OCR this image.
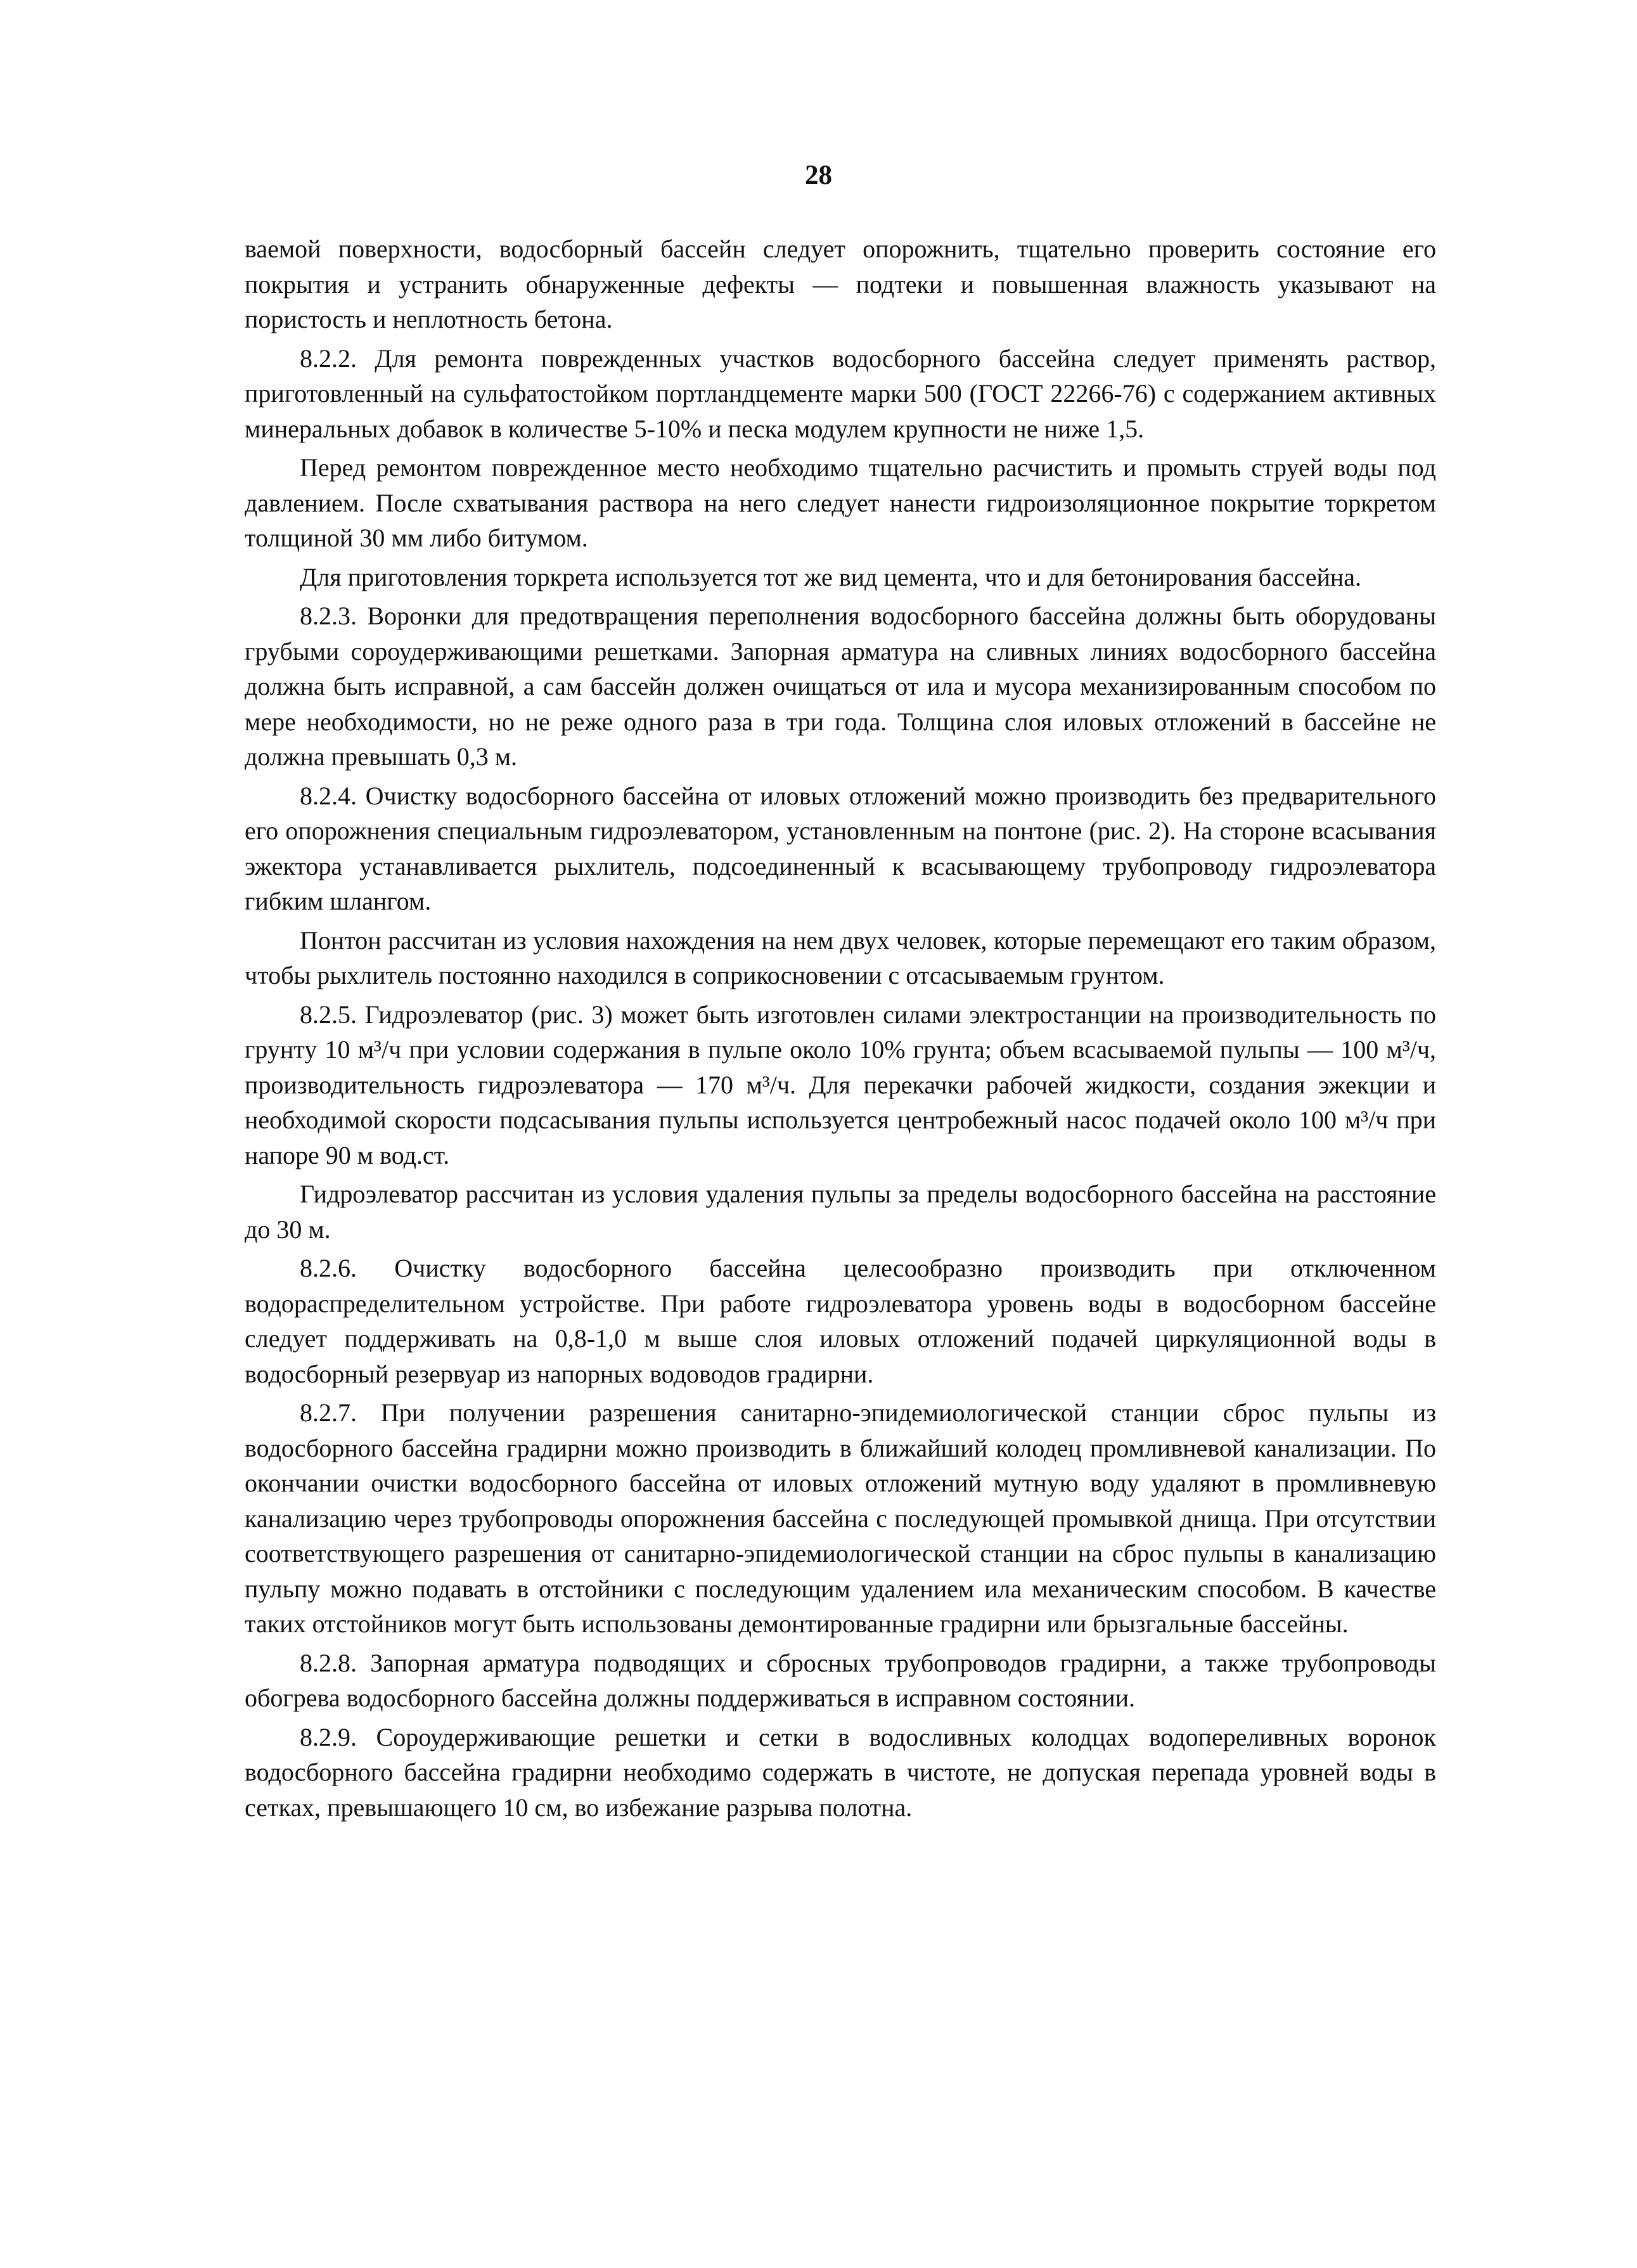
28

ваемой поверхности, водосборный бассейн следует опорожнить, тщательно проверить состояние его покрытия и устранить обнаруженные дефекты — подтеки и повышенная влажность указывают на пористость и неплотность бетона.

8.2.2. Для ремонта поврежденных участков водосборного бассейна следует применять раствор, приготовленный на сульфатостойком портландцементе марки 500 (ГОСТ 22266-76) с содержанием активных минеральных добавок в количестве 5-10% и песка модулем крупности не ниже 1,5.

Перед ремонтом поврежденное место необходимо тщательно расчистить и промыть струей воды под давлением. После схватывания раствора на него следует нанести гидроизоляционное покрытие торкретом толщиной 30 мм либо битумом.

Для приготовления торкрета используется тот же вид цемента, что и для бетонирования бассейна.

8.2.3. Воронки для предотвращения переполнения водосборного бассейна должны быть оборудованы грубыми сороудерживающими решетками. Запорная арматура на сливных линиях водосборного бассейна должна быть исправной, а сам бассейн должен очищаться от ила и мусора механизированным способом по мере необходимости, но не реже одного раза в три года. Толщина слоя иловых отложений в бассейне не должна превышать 0,3 м.

8.2.4. Очистку водосборного бассейна от иловых отложений можно производить без предварительного его опорожнения специальным гидроэлеватором, установленным на понтоне (рис. 2). На стороне всасывания эжектора устанавливается рыхлитель, подсоединенный к всасывающему трубопроводу гидроэлеватора гибким шлангом.

Понтон рассчитан из условия нахождения на нем двух человек, которые перемещают его таким образом, чтобы рыхлитель постоянно находился в соприкосновении с отсасываемым грунтом.

8.2.5. Гидроэлеватор (рис. 3) может быть изготовлен силами электростанции на производительность по грунту 10 м³/ч при условии содержания в пульпе около 10% грунта; объем всасываемой пульпы — 100 м³/ч, производительность гидроэлеватора — 170 м³/ч. Для перекачки рабочей жидкости, создания эжекции и необходимой скорости подсасывания пульпы используется центробежный насос подачей около 100 м³/ч при напоре 90 м вод.ст.

Гидроэлеватор рассчитан из условия удаления пульпы за пределы водосборного бассейна на расстояние до 30 м.

8.2.6. Очистку водосборного бассейна целесообразно производить при отключенном водораспределительном устройстве. При работе гидроэлеватора уровень воды в водосборном бассейне следует поддерживать на 0,8-1,0 м выше слоя иловых отложений подачей циркуляционной воды в водосборный резервуар из напорных водоводов градирни.

8.2.7. При получении разрешения санитарно-эпидемиологической станции сброс пульпы из водосборного бассейна градирни можно производить в ближайший колодец промливневой канализации. По окончании очистки водосборного бассейна от иловых отложений мутную воду удаляют в промливневую канализацию через трубопроводы опорожнения бассейна с последующей промывкой днища. При отсутствии соответствующего разрешения от санитарно-эпидемиологической станции на сброс пульпы в канализацию пульпу можно подавать в отстойники с последующим удалением ила механическим способом. В качестве таких отстойников могут быть использованы демонтированные градирни или брызгальные бассейны.

8.2.8. Запорная арматура подводящих и сбросных трубопроводов градирни, а также трубопроводы обогрева водосборного бассейна должны поддерживаться в исправном состоянии.

8.2.9. Сороудерживающие решетки и сетки в водосливных колодцах водопереливных воронок водосборного бассейна градирни необходимо содержать в чистоте, не допуская перепада уровней воды в сетках, превышающего 10 см, во избежание разрыва полотна.
